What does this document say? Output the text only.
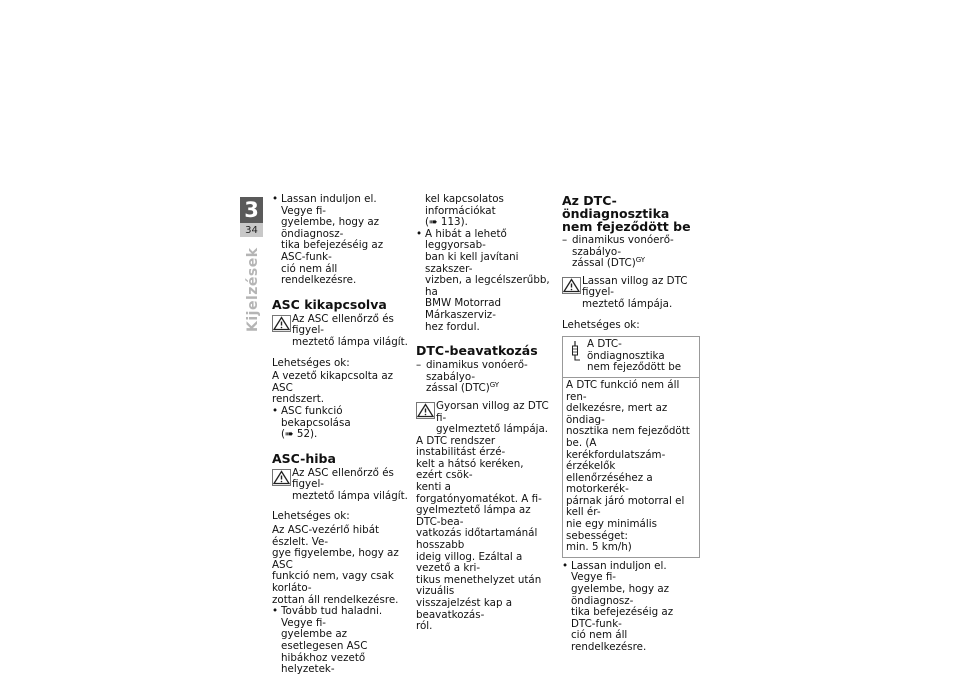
3
34
Kijelzések
• Lassan induljon el. Vegye fi-
gyelembe, hogy az öndiagnosz-
tika befejezéséig az ASC-funk-
ció nem áll rendelkezésre.
ASC kikapcsolva
Az ASC ellenőrző és figyel-
meztető lámpa világít.

Lehetséges ok:

A vezető kikapcsolta az ASC
rendszert.
• ASC funkció bekapcsolása
(➠ 52).
ASC-hiba
Az ASC ellenőrző és figyel-
meztető lámpa világít.

Lehetséges ok:

Az ASC-vezérlő hibát észlelt. Ve-
gye figyelembe, hogy az ASC
funkció nem, vagy csak korláto-
zottan áll rendelkezésre.
• Tovább tud haladni. Vegye fi-
gyelembe az esetlegesen ASC
hibákhoz vezető helyzetek-
kel kapcsolatos információkat
(➠ 113).
• A hibát a lehető leggyorsab-
ban ki kell javítani szakszer-
vizben, a legcélszerűbb, ha
BMW Motorrad Márkaszerviz-
hez fordul.
DTC-beavatkozás
– dinamikus vonóerő-szabályo-
zással (DTC)$^{GY}$
Gyorsan villog az DTC fi-
gyelmeztető lámpája.
A DTC rendszer instabilitást érzé-
kelt a hátsó keréken, ezért csök-
kenti a forgatónyomatékot. A fi-
gyelmeztető lámpa az DTC-bea-
vatkozás időtartamánál hosszabb
ideig villog. Ezáltal a vezető a kri-
tikus menethelyzet után vizuális
visszajelzést kap a beavatkozás-
ról.
Az DTC-öndiagnosztika
nem fejeződött be
– dinamikus vonóerő-szabályo-
zással (DTC)$^{GY}$
Lassan villog az DTC figyel-
meztető lámpája.

Lehetséges ok:

A DTC-öndiagnosztika
nem fejeződött be
A DTC funkció nem áll ren-
delkezésre, mert az öndiag-
nosztika nem fejeződött be. (A
kerékfordulatszám-érzékelők
ellenőrzéséhez a motorkerék-
párnak járó motorral el kell ér-
nie egy minimális sebességet:
min. 5 km/h)
• Lassan induljon el. Vegye fi-
gyelembe, hogy az öndiagnosz-
tika befejezéséig az DTC-funk-
ció nem áll rendelkezésre.
